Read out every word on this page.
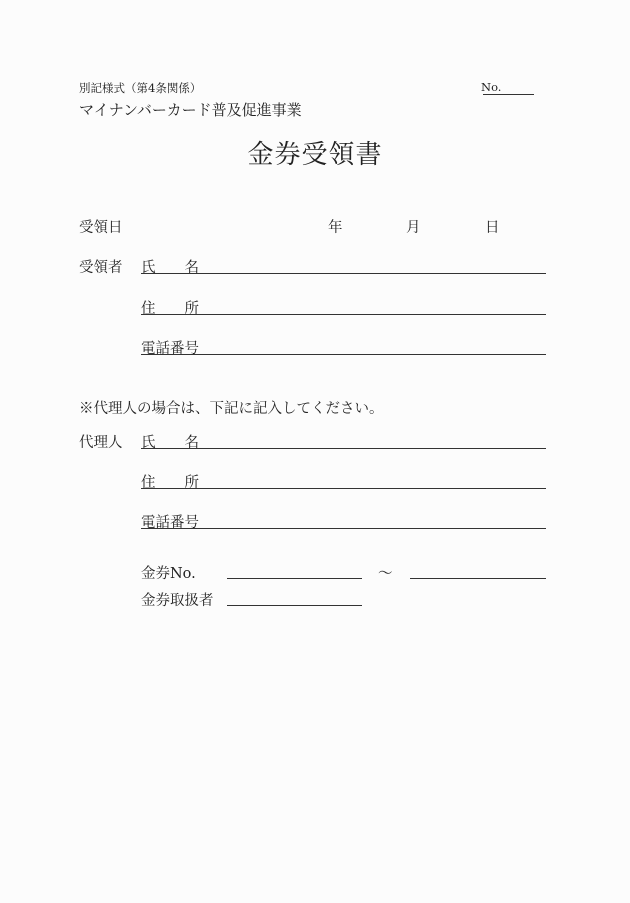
別記様式（第4条関係）	No.
マイナンバーカード普及促進事業
金券受領書
受領日	年	月	日
受領者 氏　　名
住　　所
電話番号
※代理人の場合は、下記に記入してください。
代理人 氏　　名
住　　所
電話番号
金券No.	～
金券取扱者
